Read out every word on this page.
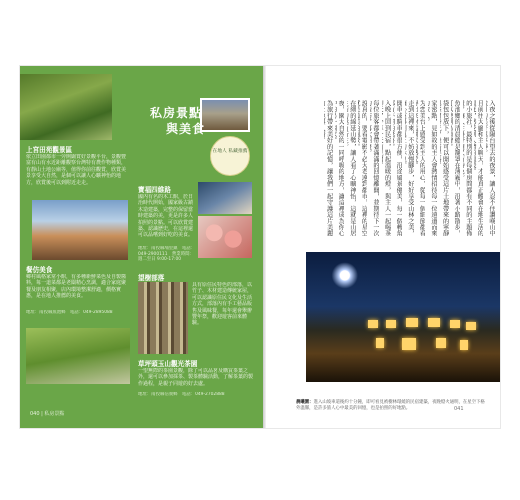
私房景點
與美食
在地人 私藏推薦
上宮田苑觀景區
依立田園都市一旁開闢賞好景觀平台，景觀豐富有山有水近距離觀察台灣特有農作物種類，有靜山土地公廟等，值得你前往觀賞，欣賞美景享受大自然，是個可以讓人心曠神怡的地方，欣賞後可以到附近走走。
寶福四維路
國內有名的木工館，於日治時代開始，國家級古蹟木造建築，完整的保留當時建築的美，更是許多人拍照的景點。可以欣賞建築、認識歷史，在這裡還可以品嚐到好吃的美食。
地址：南投縣埔里鎮　電話：049-2900111　營業時間：週二至日 9:00-17:00
餐仿美食
鄉村風格家常小館，有多種新鮮菜色及自製醬料，每一道菜都是老闆精心烹調，適合家庭聚餐及朋友相聚，店內環境整潔舒適，價格實惠，是在地人推薦的美食。
地址：南投縣魚池鄉　電話：049-2895088
望樹部落
具有原住民特色的部落，以竹子、木材建造傳統家屋，可以認識原住民文化及生活方式，部落內有手工藝品販售及風味餐，每年還會舉辦豐年祭，歡迎遊客前來體驗。
草坪頭玉山觀光茶園
一望無際的茶園景觀，除了可以品茗及購買茶葉之外，還可以參加採茶、製茶體驗活動，了解茶葉的製作過程，是親子同遊的好去處。
地址：南投縣信義鄉　電話：049-2702888
040 | 私房景點
入夜之後從陽台望去的夜景，讓人忍不住讚嘆山中
且前往大廳和主人聊天，才能真正體會在地生活的
的小旅社，最特別的是每個房間都有不同的主題佈
魚池鄉的清晨總是籠罩在薄霧中，沿著小路散步，
袋包包放下，便可以開始感受這片土地帶來的寧靜
家密點，見如故的主人會熱情招待每一位遠道而來
为恋美台上感受到主人的用心，從每一個細節都看
走到這裡來，不妨放慢腳步，好好享受山林之美，
開車或騎車都很方便，沿途風景優美，每一個轉角
入晚上回到民宿，點起溫暖的燈，與主人一起喝茶
每位旅客都會帶著滿滿的回憶離開，並期待下一次
說真的，要看電影不必大老遠到都市，這裡的星空
在細的綿延山勢，讓人看了心曠神怡，這就是山居
夜，園大自然的一同呼吸的地方，讓這裡成為你心
為旅行帶來美好的記憶，讓我們一起守護這片美麗
晨曦園：進入山坡車道後約十分鐘，即可看見被樹林環繞的民宿建築，夜晚燈火通明，在星空下格外溫馨，是許多旅人心中最美的回憶，也是拍照的好地點。	041
